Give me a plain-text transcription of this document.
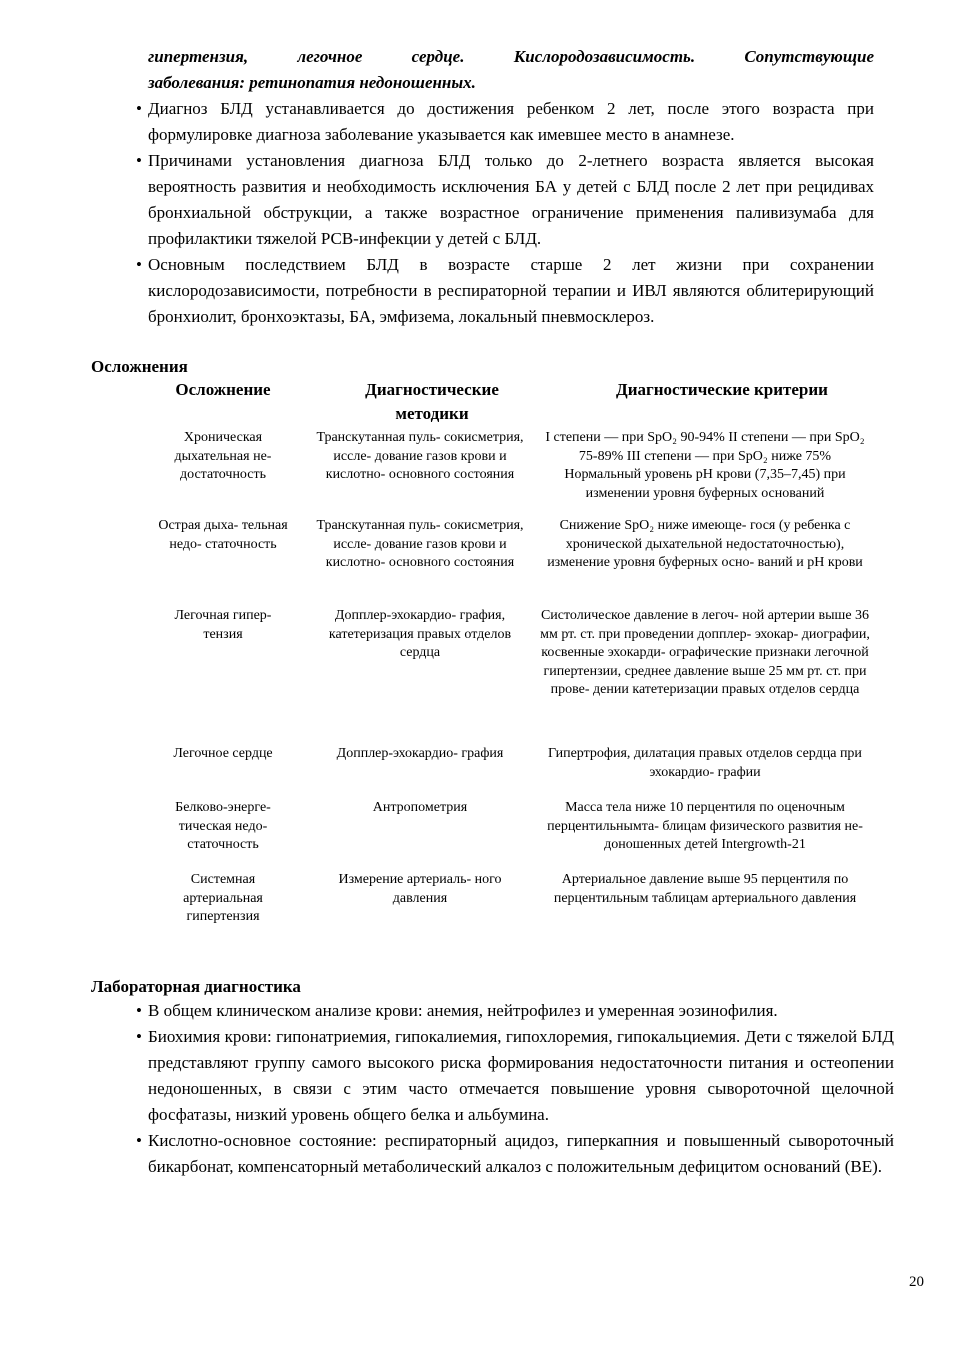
гипертензия, легочное сердце. Кислородозависимость. Сопутствующие
заболевания: ретинопатия недоношенных.
• Диагноз БЛД устанавливается до достижения ребенком 2 лет, после этого возраста при формулировке диагноза заболевание указывается как имевшее место в анамнезе.
• Причинами установления диагноза БЛД только до 2-летнего возраста является высокая вероятность развития и необходимость исключения БА у детей с БЛД после 2 лет при рецидивах бронхиальной обструкции, а также возрастное ограничение применения паливизумаба для профилактики тяжелой РСВ-инфекции у детей с БЛД.
• Основным последствием БЛД в возрасте старше 2 лет жизни при сохранении кислородозависимости, потребности в респираторной терапии и ИВЛ являются облитерирующий бронхиолит, бронхоэктазы, БА, эмфизема, локальный пневмосклероз.
Осложнения
Осложнение	Диагностические методики	Диагностические критерии

Хроническая дыхательная не- достаточность	Транскутанная пуль- сокисметрия, иссле- дование газов крови и кислотно- основного состояния	I степени — при SpO₂ 90-94% II степени — при SpO₂ 75-89% III степени — при SpO₂ ниже 75% Нормальный уровень рН крови (7,35–7,45) при изменении уровня буферных оснований
Острая дыха- тельная недо- статочность	Транскутанная пуль- сокисметрия, иссле- дование газов крови и кислотно- основного состояния	Снижение SpO₂ ниже имеюще- гося (у ребенка с хронической дыхательной недостаточностью), изменение уровня буферных осно- ваний и рН крови
Легочная гипер- тензия	Допплер-эхокардио- графия, катетеризация правых отделов сердца	Систолическое давление в легоч- ной артерии выше 36 мм рт. ст. при проведении допплер- эхокар- диографии, косвенные эхокарди- ографические признаки легочной гипертензии, среднее давление выше 25 мм рт. ст. при прове- дении катетеризации правых отделов сердца
Легочное сердце	Допплер-эхокардио- графия	Гипертрофия, дилатация правых отделов сердца при эхокардио- графии
Белково-энерге- тическая недо- статочность	Антропометрия	Масса тела ниже 10 перцентиля по оценочным перцентильнымта- блицам физического развития не- доношенных детей Intergrowth-21
Системная артериальная гипертензия	Измерение артериаль- ного давления	Артериальное давление выше 95 перцентиля по перцентильным таблицам артериального давления
Лабораторная диагностика
• В общем клиническом анализе крови: анемия, нейтрофилез и умеренная эозинофилия.
• Биохимия крови: гипонатриемия, гипокалиемия, гипохлоремия, гипокальциемия. Дети с тяжелой БЛД представляют группу самого высокого риска формирования недостаточности питания и остеопении недоношенных, в связи с этим часто отмечается повышение уровня сывороточной щелочной фосфатазы, низкий уровень общего белка и альбумина.
• Кислотно-основное состояние: респираторный ацидоз, гиперкапния и повышенный сывороточный бикарбонат, компенсаторный метаболический алкалоз с положительным дефицитом оснований (ВЕ).
20
